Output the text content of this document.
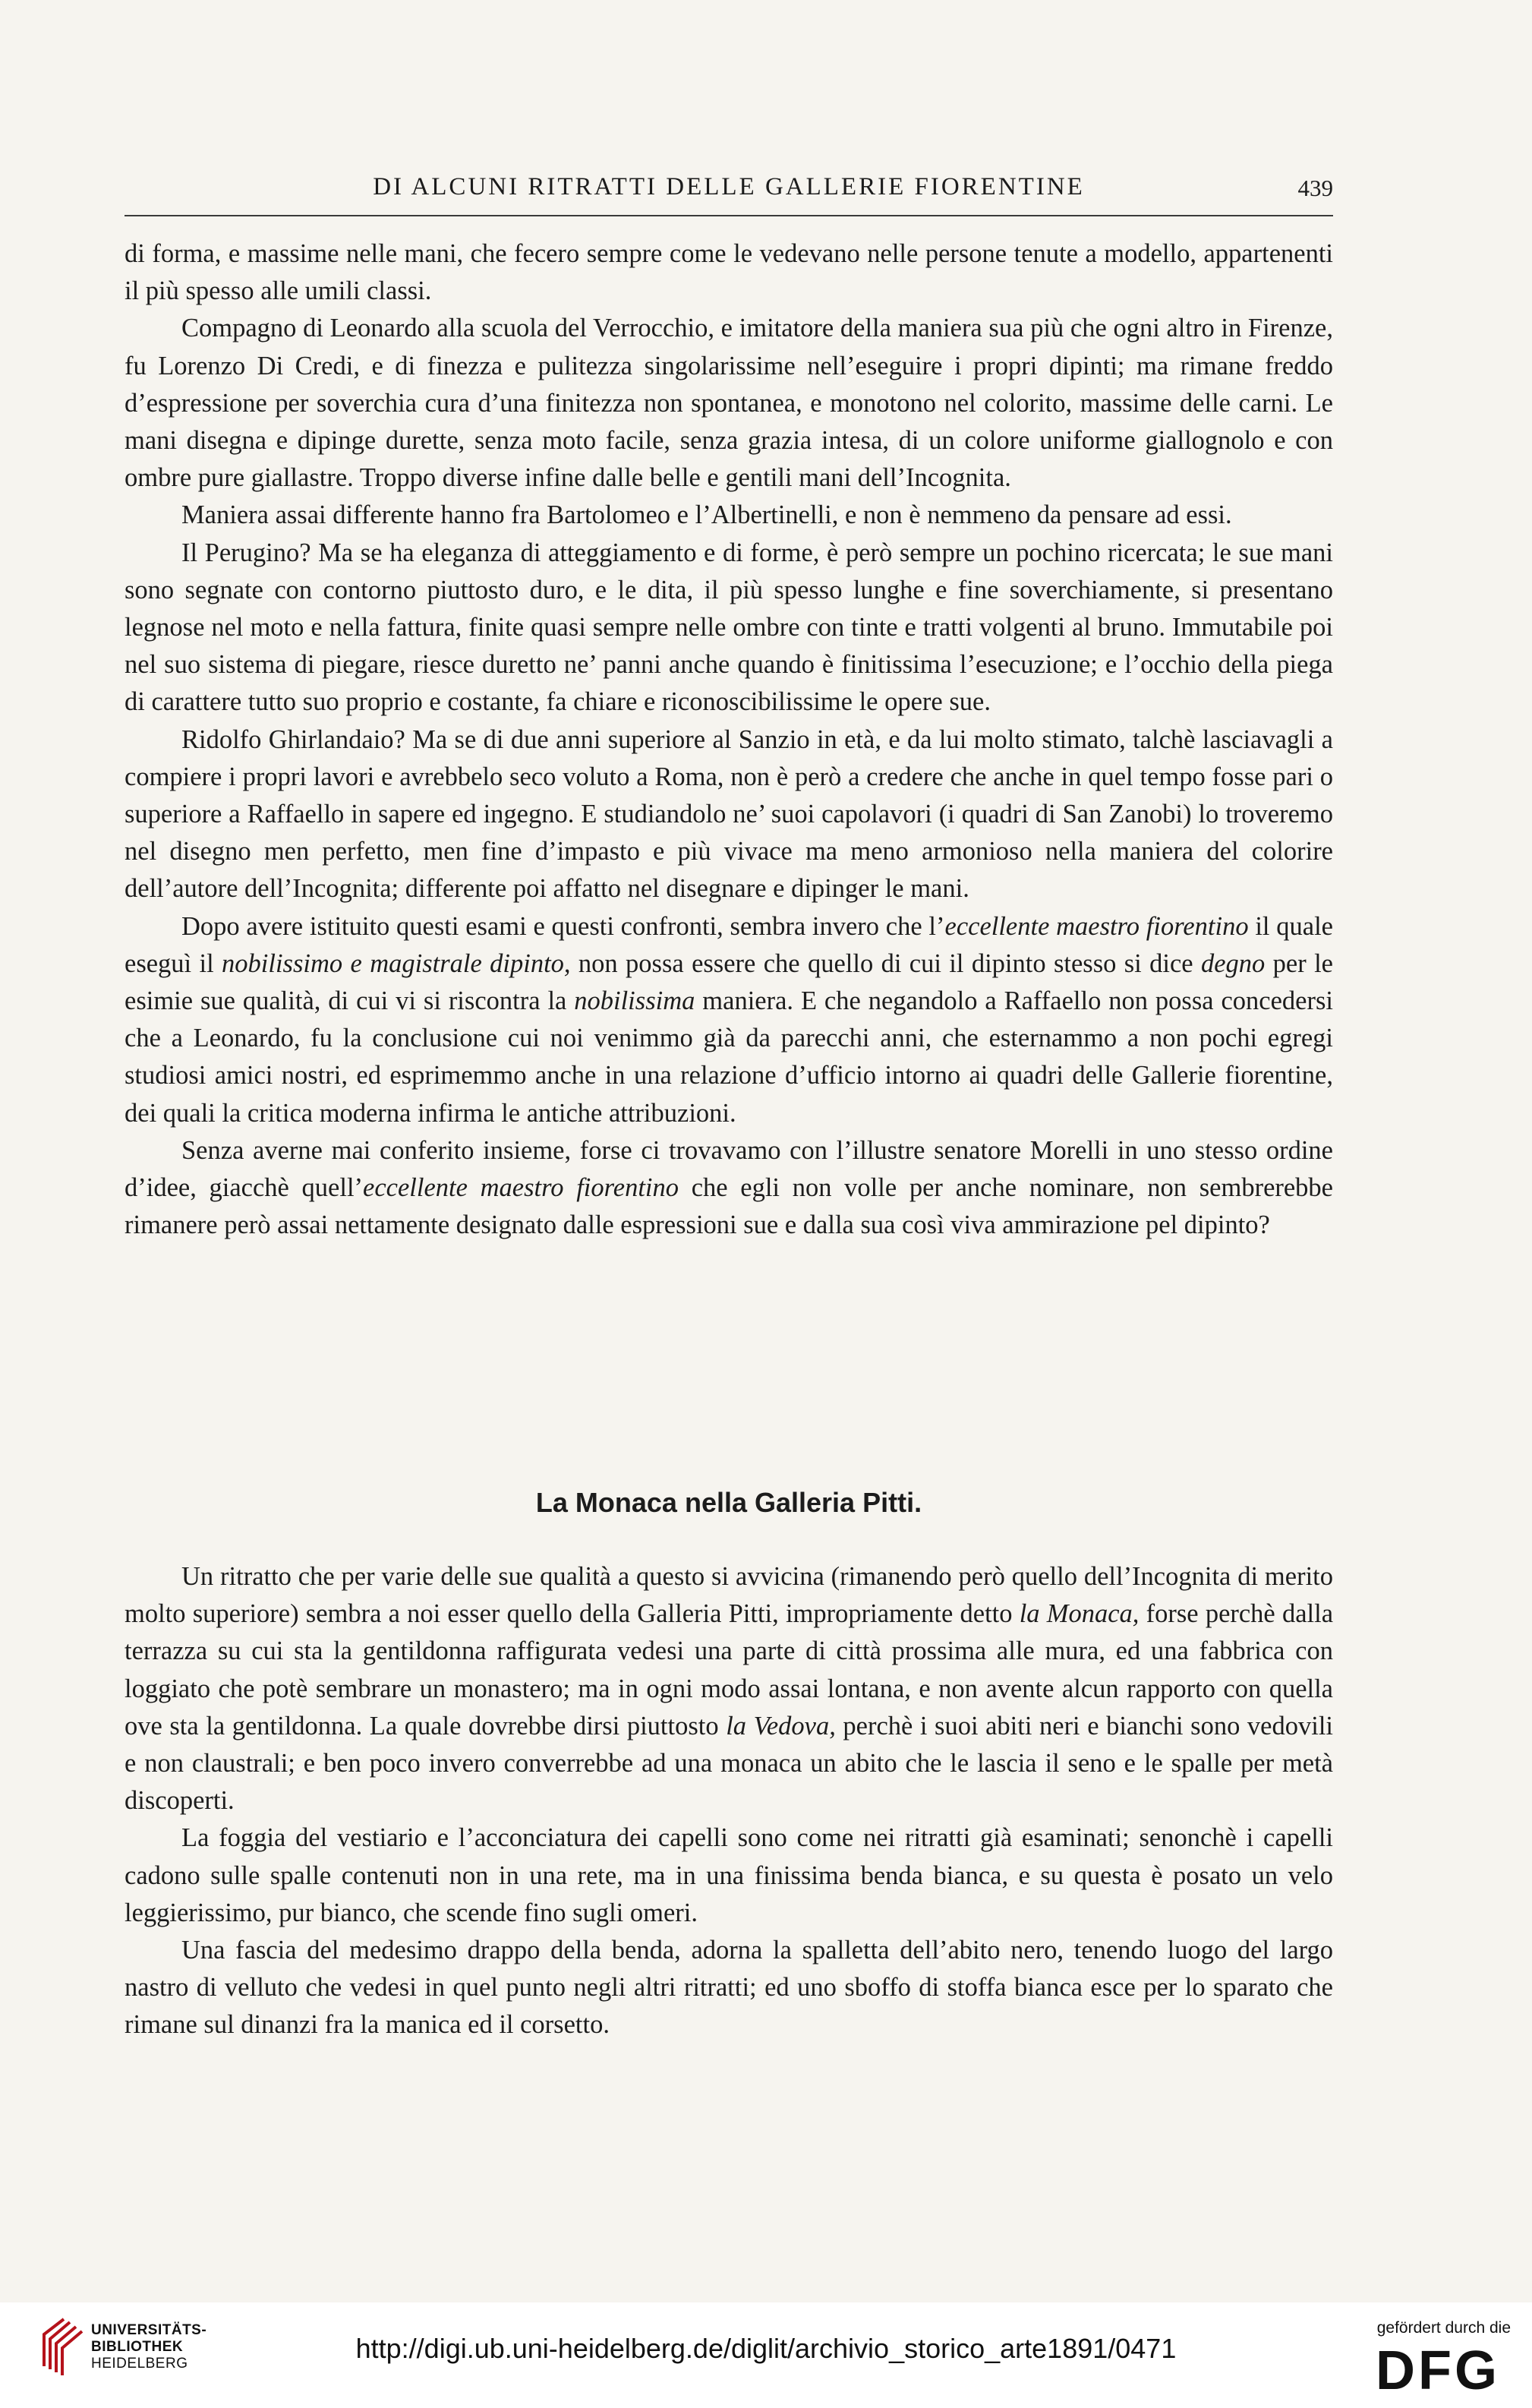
DI ALCUNI RITRATTI DELLE GALLERIE FIORENTINE	439

di forma, e massime nelle mani, che fecero sempre come le vedevano nelle persone tenute a modello, appartenenti il più spesso alle umili classi.

Compagno di Leonardo alla scuola del Verrocchio, e imitatore della maniera sua più che ogni altro in Firenze, fu Lorenzo Di Credi, e di finezza e pulitezza singolarissime nell’eseguire i propri dipinti; ma rimane freddo d’espressione per soverchia cura d’una finitezza non spontanea, e monotono nel colorito, massime delle carni. Le mani disegna e dipinge durette, senza moto facile, senza grazia intesa, di un colore uniforme giallognolo e con ombre pure giallastre. Troppo diverse infine dalle belle e gentili mani dell’Incognita.

Maniera assai differente hanno fra Bartolomeo e l’Albertinelli, e non è nemmeno da pensare ad essi.

Il Perugino? Ma se ha eleganza di atteggiamento e di forme, è però sempre un pochino ricercata; le sue mani sono segnate con contorno piuttosto duro, e le dita, il più spesso lunghe e fine soverchiamente, si presentano legnose nel moto e nella fattura, finite quasi sempre nelle ombre con tinte e tratti volgenti al bruno. Immutabile poi nel suo sistema di piegare, riesce duretto ne’ panni anche quando è finitissima l’esecuzione; e l’occhio della piega di carattere tutto suo proprio e costante, fa chiare e riconoscibilissime le opere sue.

Ridolfo Ghirlandaio? Ma se di due anni superiore al Sanzio in età, e da lui molto stimato, talchè lasciavagli a compiere i propri lavori e avrebbelo seco voluto a Roma, non è però a credere che anche in quel tempo fosse pari o superiore a Raffaello in sapere ed ingegno. E studiandolo ne’ suoi capolavori (i quadri di San Zanobi) lo troveremo nel disegno men perfetto, men fine d’impasto e più vivace ma meno armonioso nella maniera del colorire dell’autore dell’Incognita; differente poi affatto nel disegnare e dipinger le mani.

Dopo avere istituito questi esami e questi confronti, sembra invero che l’eccellente maestro fiorentino il quale eseguì il nobilissimo e magistrale dipinto, non possa essere che quello di cui il dipinto stesso si dice degno per le esimie sue qualità, di cui vi si riscontra la nobilissima maniera. E che negandolo a Raffaello non possa concedersi che a Leonardo, fu la conclusione cui noi venimmo già da parecchi anni, che esternammo a non pochi egregi studiosi amici nostri, ed esprimemmo anche in una relazione d’ufficio intorno ai quadri delle Gallerie fiorentine, dei quali la critica moderna infirma le antiche attribuzioni.

Senza averne mai conferito insieme, forse ci trovavamo con l’illustre senatore Morelli in uno stesso ordine d’idee, giacchè quell’eccellente maestro fiorentino che egli non volle per anche nominare, non sembrerebbe rimanere però assai nettamente designato dalle espressioni sue e dalla sua così viva ammirazione pel dipinto?

La Monaca nella Galleria Pitti.

Un ritratto che per varie delle sue qualità a questo si avvicina (rimanendo però quello dell’Incognita di merito molto superiore) sembra a noi esser quello della Galleria Pitti, impropriamente detto la Monaca, forse perchè dalla terrazza su cui sta la gentildonna raffigurata vedesi una parte di città prossima alle mura, ed una fabbrica con loggiato che potè sembrare un monastero; ma in ogni modo assai lontana, e non avente alcun rapporto con quella ove sta la gentildonna. La quale dovrebbe dirsi piuttosto la Vedova, perchè i suoi abiti neri e bianchi sono vedovili e non claustrali; e ben poco invero converrebbe ad una monaca un abito che le lascia il seno e le spalle per metà discoperti.

La foggia del vestiario e l’acconciatura dei capelli sono come nei ritratti già esaminati; senonchè i capelli cadono sulle spalle contenuti non in una rete, ma in una finissima benda bianca, e su questa è posato un velo leggierissimo, pur bianco, che scende fino sugli omeri.

Una fascia del medesimo drappo della benda, adorna la spalletta dell’abito nero, tenendo luogo del largo nastro di velluto che vedesi in quel punto negli altri ritratti; ed uno sboffo di stoffa bianca esce per lo sparato che rimane sul dinanzi fra la manica ed il corsetto.

UNIVERSITÄTS-
BIBLIOTHEK
HEIDELBERG	http://digi.ub.uni-heidelberg.de/diglit/archivio_storico_arte1891/0471
gefördert durch die
DFG
